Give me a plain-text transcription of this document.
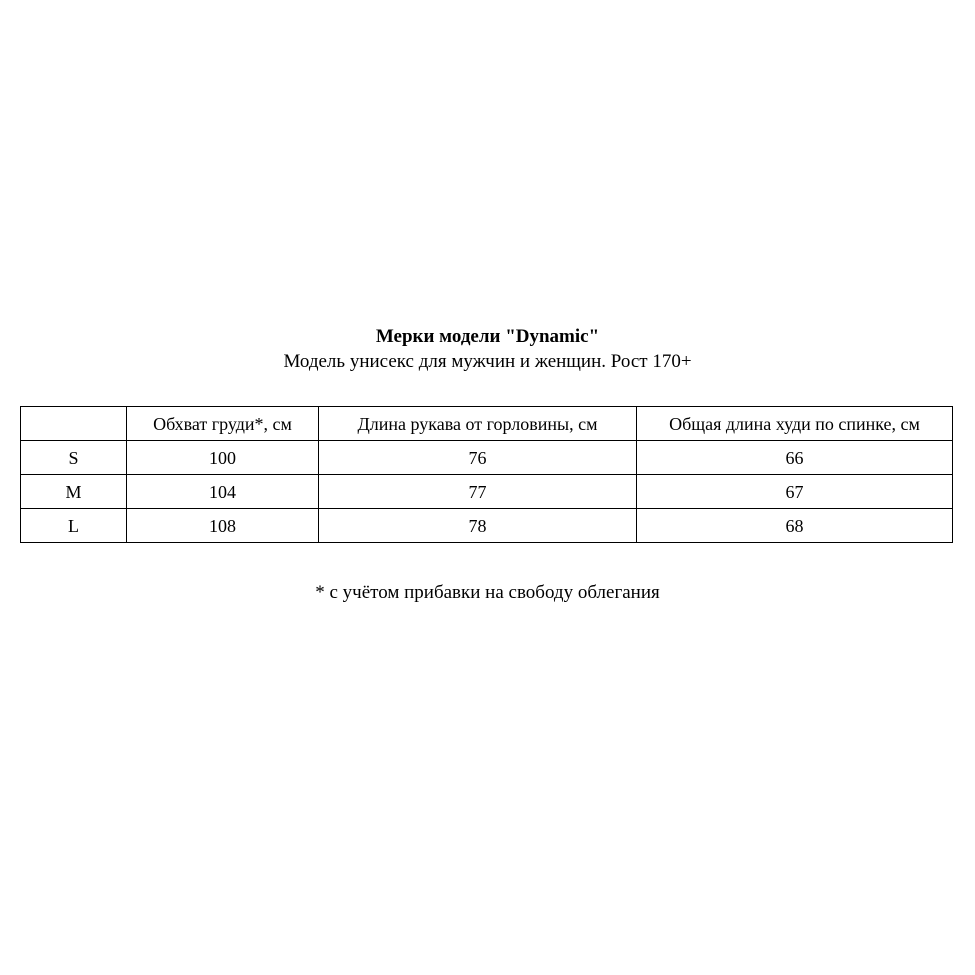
Мерки модели "Dynamic"
Модель унисекс для мужчин и женщин. Рост 170+
	Обхват груди*, см	Длина рукава от горловины, см	Общая длина худи по спинке, см
S	100	76	66
M	104	77	67
L	108	78	68
* с учётом прибавки на свободу облегания
